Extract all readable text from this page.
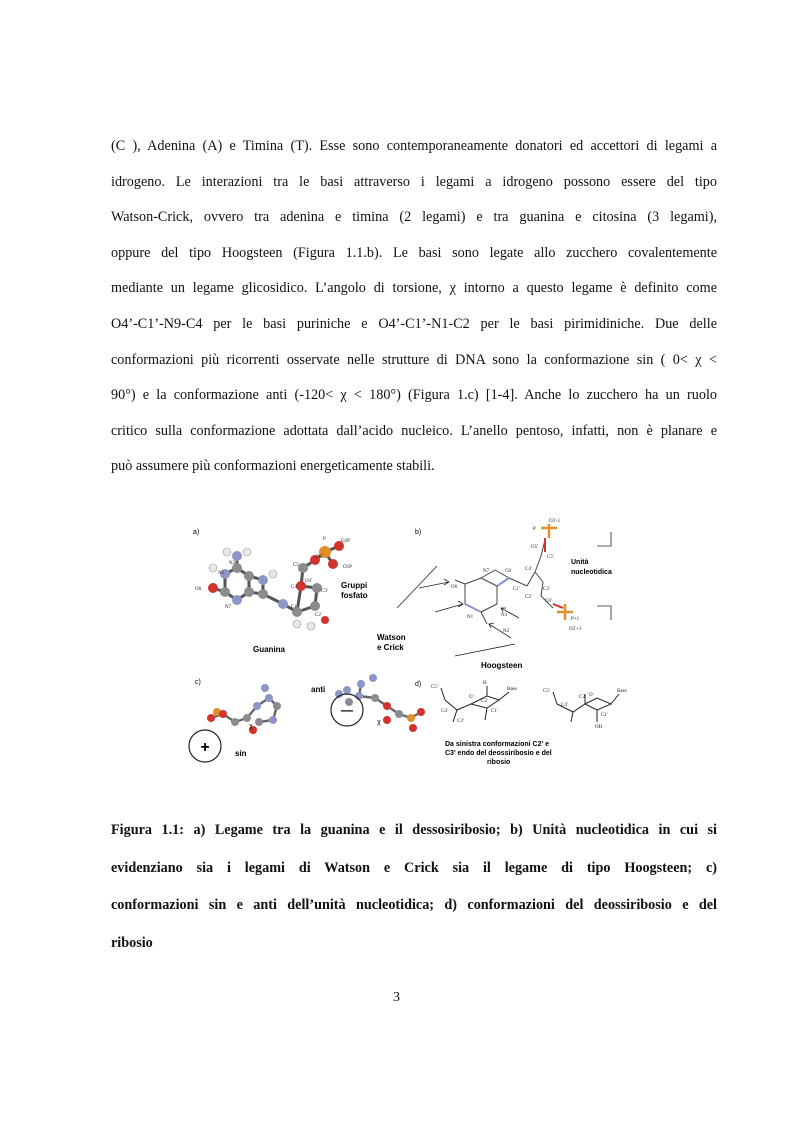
(C ), Adenina (A) e Timina (T). Esse sono contemporaneamente donatori ed accettori di legami a
idrogeno. Le interazioni tra le basi attraverso i legami a idrogeno possono essere del tipo
Watson-Crick, ovvero tra adenina e timina (2 legami) e tra guanina e citosina (3 legami),
oppure del tipo Hoogsteen (Figura 1.1.b). Le basi sono legate allo zucchero covalentemente
mediante un legame glicosidico. L’angolo di torsione, χ intorno a questo legame è definito come
O4’-C1’-N9-C4 per le basi puriniche e O4’-C1’-N1-C2 per le basi pirimidiniche. Due delle
conformazioni più ricorrenti osservate nelle strutture di DNA sono la conformazione sin ( 0< χ <
90°) e la conformazione anti (-120< χ < 180°) (Figura 1.c) [1-4]. Anche lo zucchero ha un ruolo
critico sulla conformazione adottata dall’acido nucleico. L’anello pentoso, infatti, non è planare e
può assumere più conformazioni energeticamente stabili.
a)
P	O2P
O1P
O5'
C5'
C4'
O4'
C3'
C2'
C1'
N2
N1
O6
N7
Gruppi
fosfato
Guanina
Watson
e Crick
b)
O3'-1
P
O5'
C5'
C4'
C3'
O3'
C2'
C1'
N7	C8
O6
N1	N3
N2
P+1
O5'+1
Unità
nucleotidica
Hoogsteen
c)
+
—
anti
sin
χ
χ
d) C5'
O'
C4'
C3'
C2'
C1'
H
Base	C5'
C4'
C3' O'
C1'
Base
OH
Da sinistra conformazioni C2' e
C3' endo del deossiribosio e del
ribosio
Figura 1.1: a) Legame tra la guanina e il dessosiribosio; b) Unità nucleotidica in cui si
evidenziano sia i legami di Watson e Crick sia il legame di tipo Hoogsteen; c)
conformazioni sin e anti dell’unità nucleotidica; d) conformazioni del deossiribosio e del
ribosio
3
